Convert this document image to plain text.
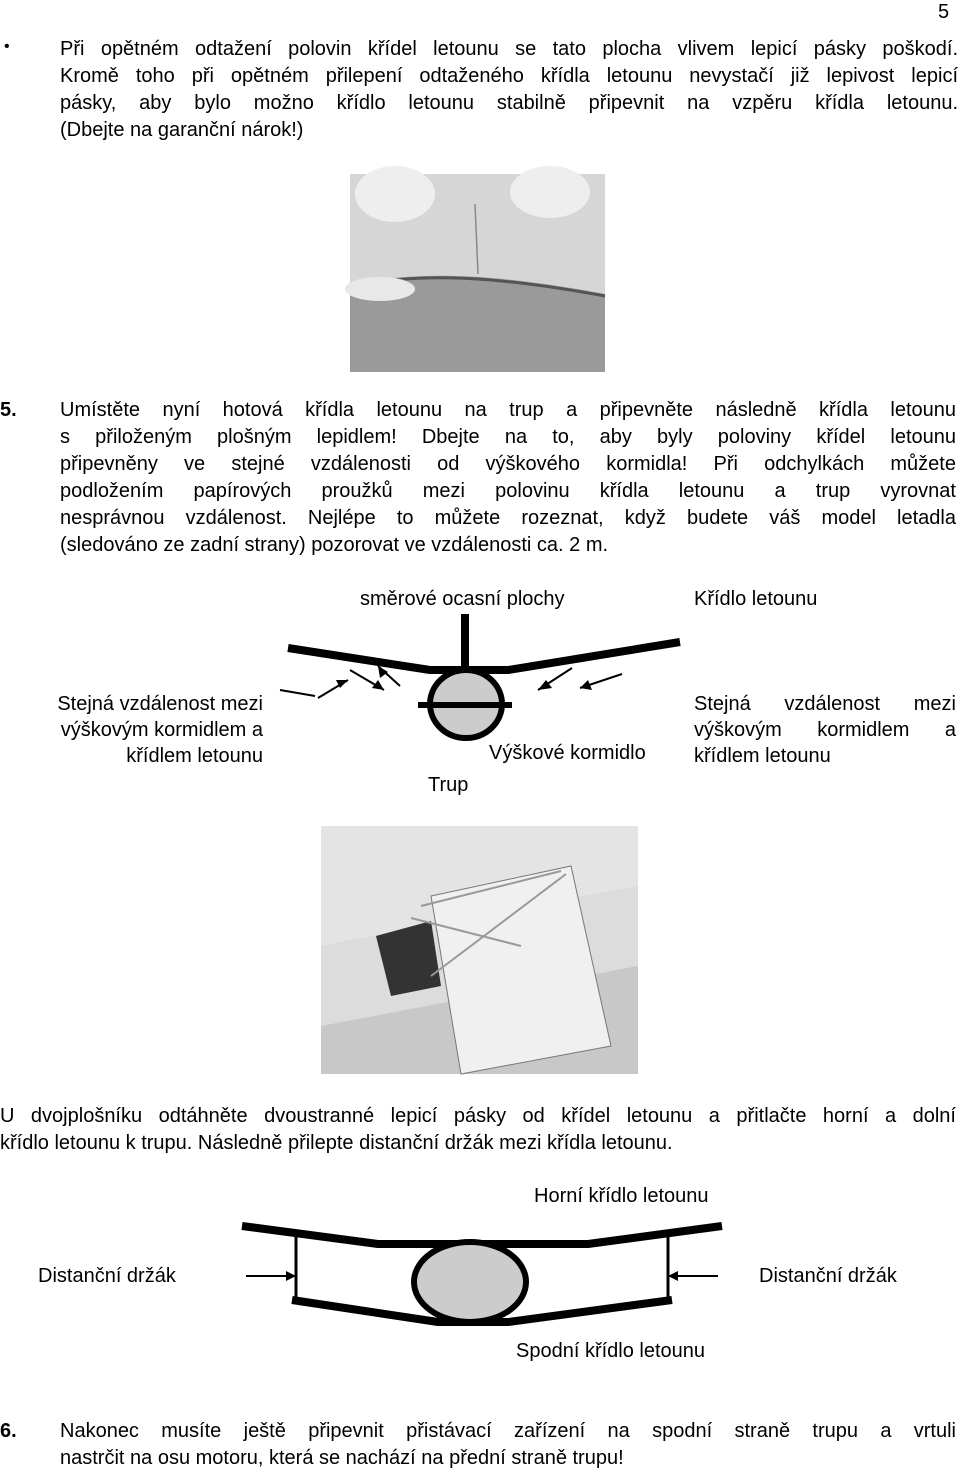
5
•	Při opětném odtažení polovin křídel letounu se tato plocha vlivem lepicí pásky poškodí.
Kromě toho při opětném přilepení odtaženého křídla letounu nevystačí již lepivost lepicí
pásky, aby bylo možno křídlo letounu stabilně připevnit na vzpěru křídla letounu.
(Dbejte na garanční nárok!)
5. Umístěte nyní hotová křídla letounu na trup a připevněte následně křídla letounu
s přiloženým plošným lepidlem! Dbejte na to, aby byly poloviny křídel letounu
připevněny ve stejné vzdálenosti od výškového kormidla! Při odchylkách můžete
podložením papírových proužků mezi polovinu křídla letounu a trup vyrovnat
nesprávnou vzdálenost. Nejlépe to můžete rozeznat, když budete váš model letadla
(sledováno ze zadní strany) pozorovat ve vzdálenosti ca. 2 m.
směrové ocasní plochy	Křídlo letounu
Stejná vzdálenost mezi
výškovým kormidlem a
křídlem letounu
Stejná vzdálenost mezi
výškovým kormidlem a
křídlem letounu
Výškové kormidlo
Trup
U dvojplošníku odtáhněte dvoustranné lepicí pásky od křídel letounu a přitlačte horní a dolní
křídlo letounu k trupu. Následně přilepte distanční držák mezi křídla letounu.
Horní křídlo letounu
Distanční držák	Distanční držák
Spodní křídlo letounu
6. Nakonec musíte ještě připevnit přistávací zařízení na spodní straně trupu a vrtuli
nastrčit na osu motoru, která se nachází na přední straně trupu!
